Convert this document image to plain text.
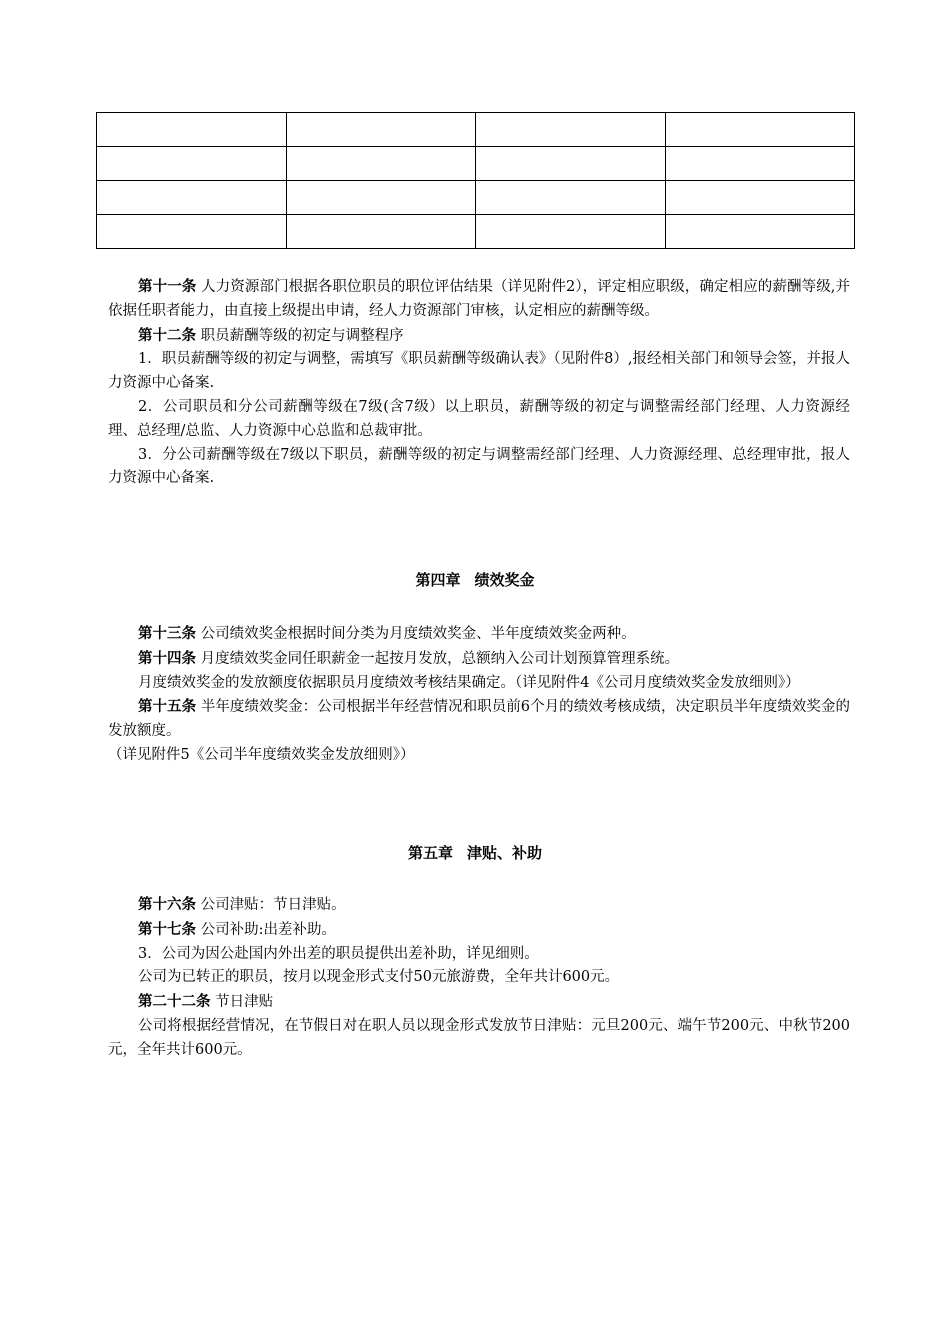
第十一条 人力资源部门根据各职位职员的职位评估结果（详见附件2），评定相应职级，确定相应的薪酬等级,并依据任职者能力，由直接上级提出申请，经人力资源部门审核，认定相应的薪酬等级。

第十二条 职员薪酬等级的初定与调整程序

1．职员薪酬等级的初定与调整，需填写《职员薪酬等级确认表》（见附件8）,报经相关部门和领导会签，并报人力资源中心备案.

2．公司职员和分公司薪酬等级在7级(含7级）以上职员，薪酬等级的初定与调整需经部门经理、人力资源经理、总经理/总监、人力资源中心总监和总裁审批。

3．分公司薪酬等级在7级以下职员，薪酬等级的初定与调整需经部门经理、人力资源经理、总经理审批，报人力资源中心备案.

第四章 绩效奖金

第十三条 公司绩效奖金根据时间分类为月度绩效奖金、半年度绩效奖金两种。

第十四条 月度绩效奖金同任职薪金一起按月发放，总额纳入公司计划预算管理系统。

月度绩效奖金的发放额度依据职员月度绩效考核结果确定。（详见附件4《公司月度绩效奖金发放细则》）

第十五条 半年度绩效奖金：公司根据半年经营情况和职员前6个月的绩效考核成绩，决定职员半年度绩效奖金的发放额度。

（详见附件5《公司半年度绩效奖金发放细则》）

第五章 津贴、补助

第十六条 公司津贴：节日津贴。

第十七条 公司补助:出差补助。

3．公司为因公赴国内外出差的职员提供出差补助，详见细则。

公司为已转正的职员，按月以现金形式支付50元旅游费，全年共计600元。

第二十二条 节日津贴

公司将根据经营情况，在节假日对在职人员以现金形式发放节日津贴：元旦200元、端午节200元、中秋节200元，全年共计600元。
